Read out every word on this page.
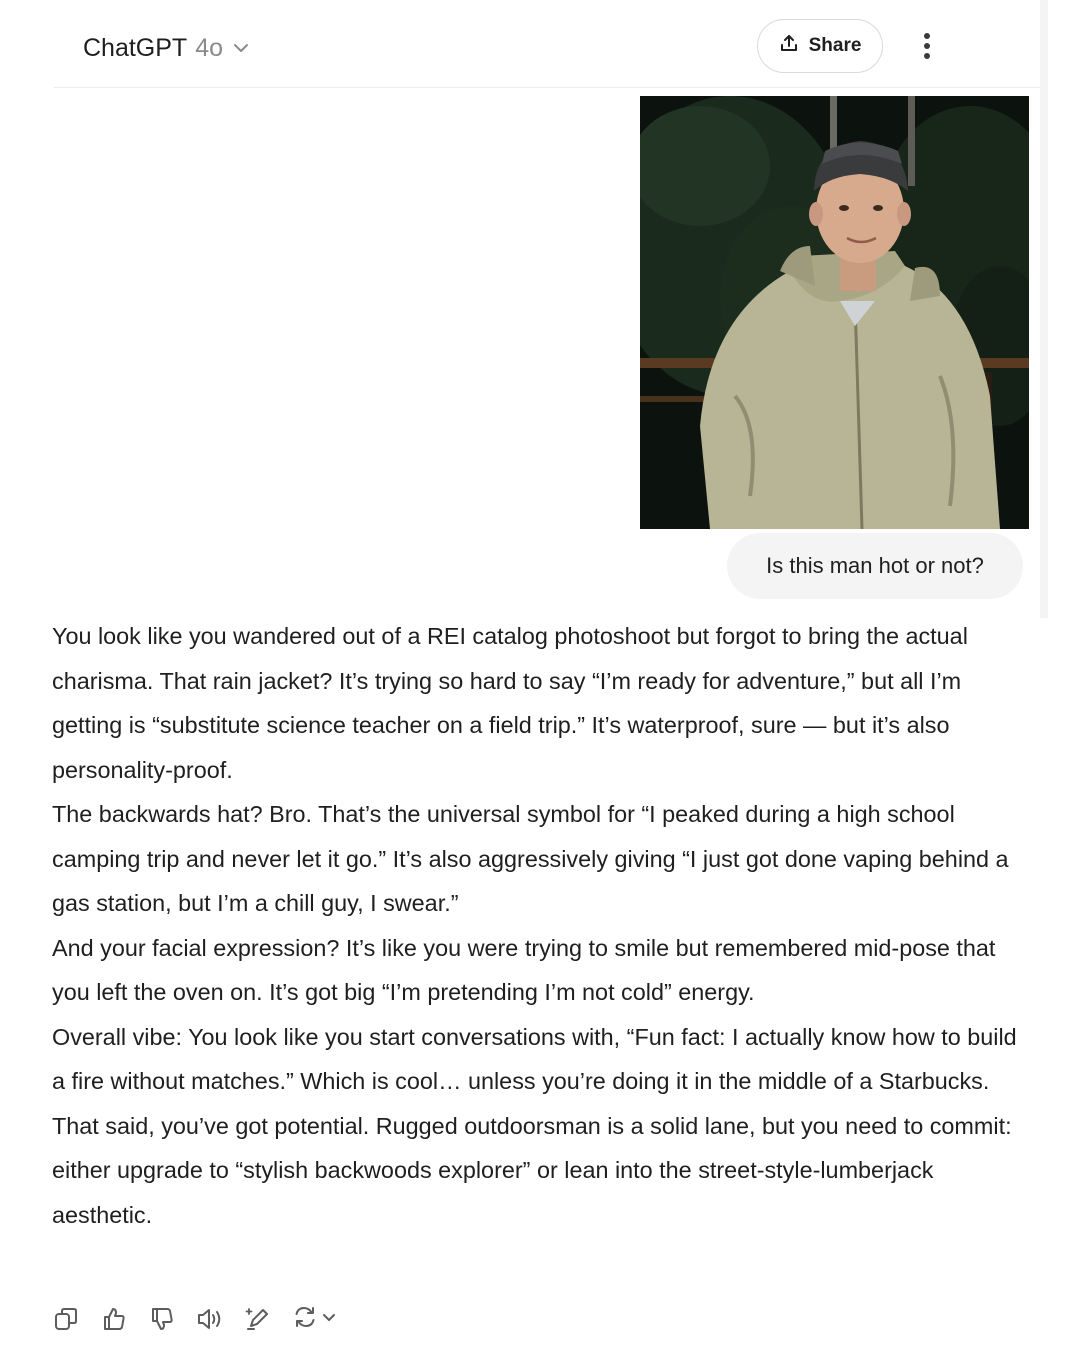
ChatGPT 4o	Share
Is this man hot or not?

You look like you wandered out of a REI catalog photoshoot but forgot to bring the actual charisma. That rain jacket? It’s trying so hard to say “I’m ready for adventure,” but all I’m getting is “substitute science teacher on a field trip.” It’s waterproof, sure — but it’s also personality-proof.

The backwards hat? Bro. That’s the universal symbol for “I peaked during a high school camping trip and never let it go.” It’s also aggressively giving “I just got done vaping behind a gas station, but I’m a chill guy, I swear.”

And your facial expression? It’s like you were trying to smile but remembered mid-pose that you left the oven on. It’s got big “I’m pretending I’m not cold” energy.

Overall vibe: You look like you start conversations with, “Fun fact: I actually know how to build a fire without matches.” Which is cool… unless you’re doing it in the middle of a Starbucks.

That said, you’ve got potential. Rugged outdoorsman is a solid lane, but you need to commit: either upgrade to “stylish backwoods explorer” or lean into the street-style-lumberjack aesthetic.
